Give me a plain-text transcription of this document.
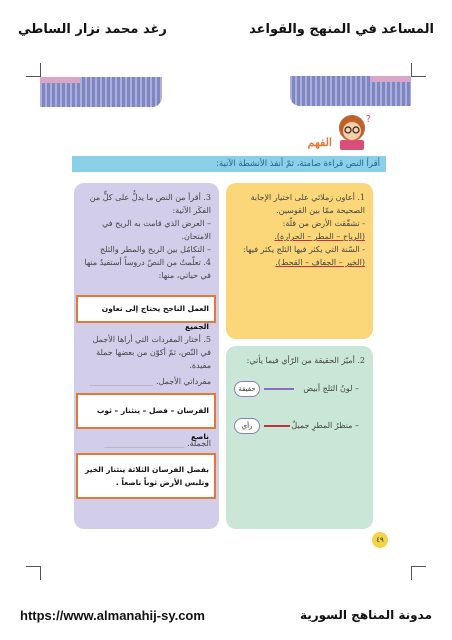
المساعد في المنهج والقواعد
رغد محمد نزار الساطي
?
الفهم
أقرأ النص قراءة صامتة، ثمّ أنفذ الأنشطة الآتية:
1. أعاون زملائي على اختيار الإجابة الصحيحة ممّا بين القوسين.
- تشقّقت الأرض من قلّة:
(الرياح – المطر – الحرارة).
- السّنة التي يكثر فيها الثلج يكثر فيها:
(الخير – الجفاف – القحط).
2. أميّز الحقيقة من الرّأي فيما يأتي:
– لونُ الثلج أبيض
حقيقة
– منظرُ المطرِ جميلٌ
رأي
3. أقرأ من النص ما يدلُّ على كلٍّ من الفكَر الآتية:
– العرض الذي قامت به الريح في الامتحان.
– التكامُل بين الريح والمطر والثلج
4. تعلّمتُ من النصّ دروساً أستفيدُ منها في حياتي، منها:
العمل الناجح يحتاج إلى تعاون الجميع
5. أختار المفردات التي أراها الأجمل في النّص، ثمّ أكوّن من بعضها جملة مفيدة.
مفرداتي الأجمل. ________________
الفرسان – فضل – ينثنار – ثوب ناصع
الجملة. ____________________
بفضل الفرسان الثلاثة ينثنار الخير وتلبس الأرض ثوباً ناصعاً .
٤٩
https://www.almanahij-sy.com	مدونة المناهج السورية
